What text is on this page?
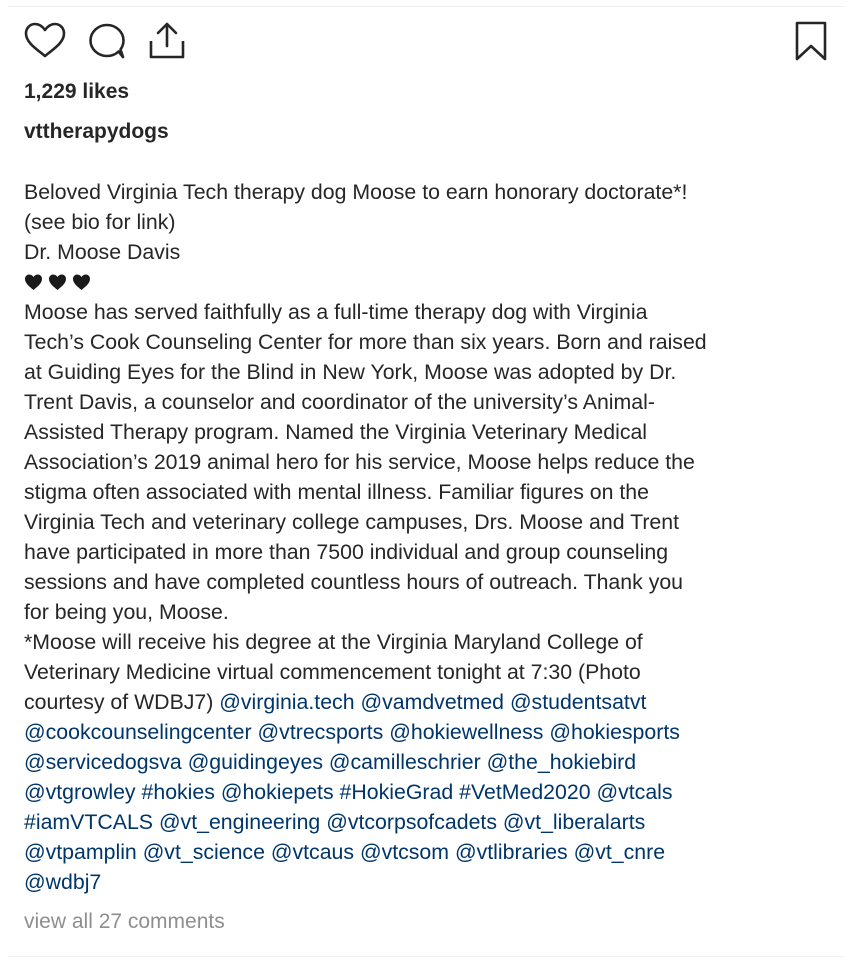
1,229 likes
vttherapydogs
Beloved Virginia Tech therapy dog Moose to earn honorary doctorate*!
(see bio for link)
Dr. Moose Davis
Moose has served faithfully as a full-time therapy dog with Virginia
Tech’s Cook Counseling Center for more than six years. Born and raised
at Guiding Eyes for the Blind in New York, Moose was adopted by Dr.
Trent Davis, a counselor and coordinator of the university’s Animal-
Assisted Therapy program. Named the Virginia Veterinary Medical
Association’s 2019 animal hero for his service, Moose helps reduce the
stigma often associated with mental illness. Familiar figures on the
Virginia Tech and veterinary college campuses, Drs. Moose and Trent
have participated in more than 7500 individual and group counseling
sessions and have completed countless hours of outreach. Thank you
for being you, Moose.
*Moose will receive his degree at the Virginia Maryland College of
Veterinary Medicine virtual commencement tonight at 7:30 (Photo
courtesy of WDBJ7) @virginia.tech @vamdvetmed @studentsatvt
@cookcounselingcenter @vtrecsports @hokiewellness @hokiesports
@servicedogsva @guidingeyes @camilleschrier @the_hokiebird
@vtgrowley #hokies @hokiepets #HokieGrad #VetMed2020 @vtcals
#iamVTCALS @vt_engineering @vtcorpsofcadets @vt_liberalarts
@vtpamplin @vt_science @vtcaus @vtcsom @vtlibraries @vt_cnre
@wdbj7
view all 27 comments
